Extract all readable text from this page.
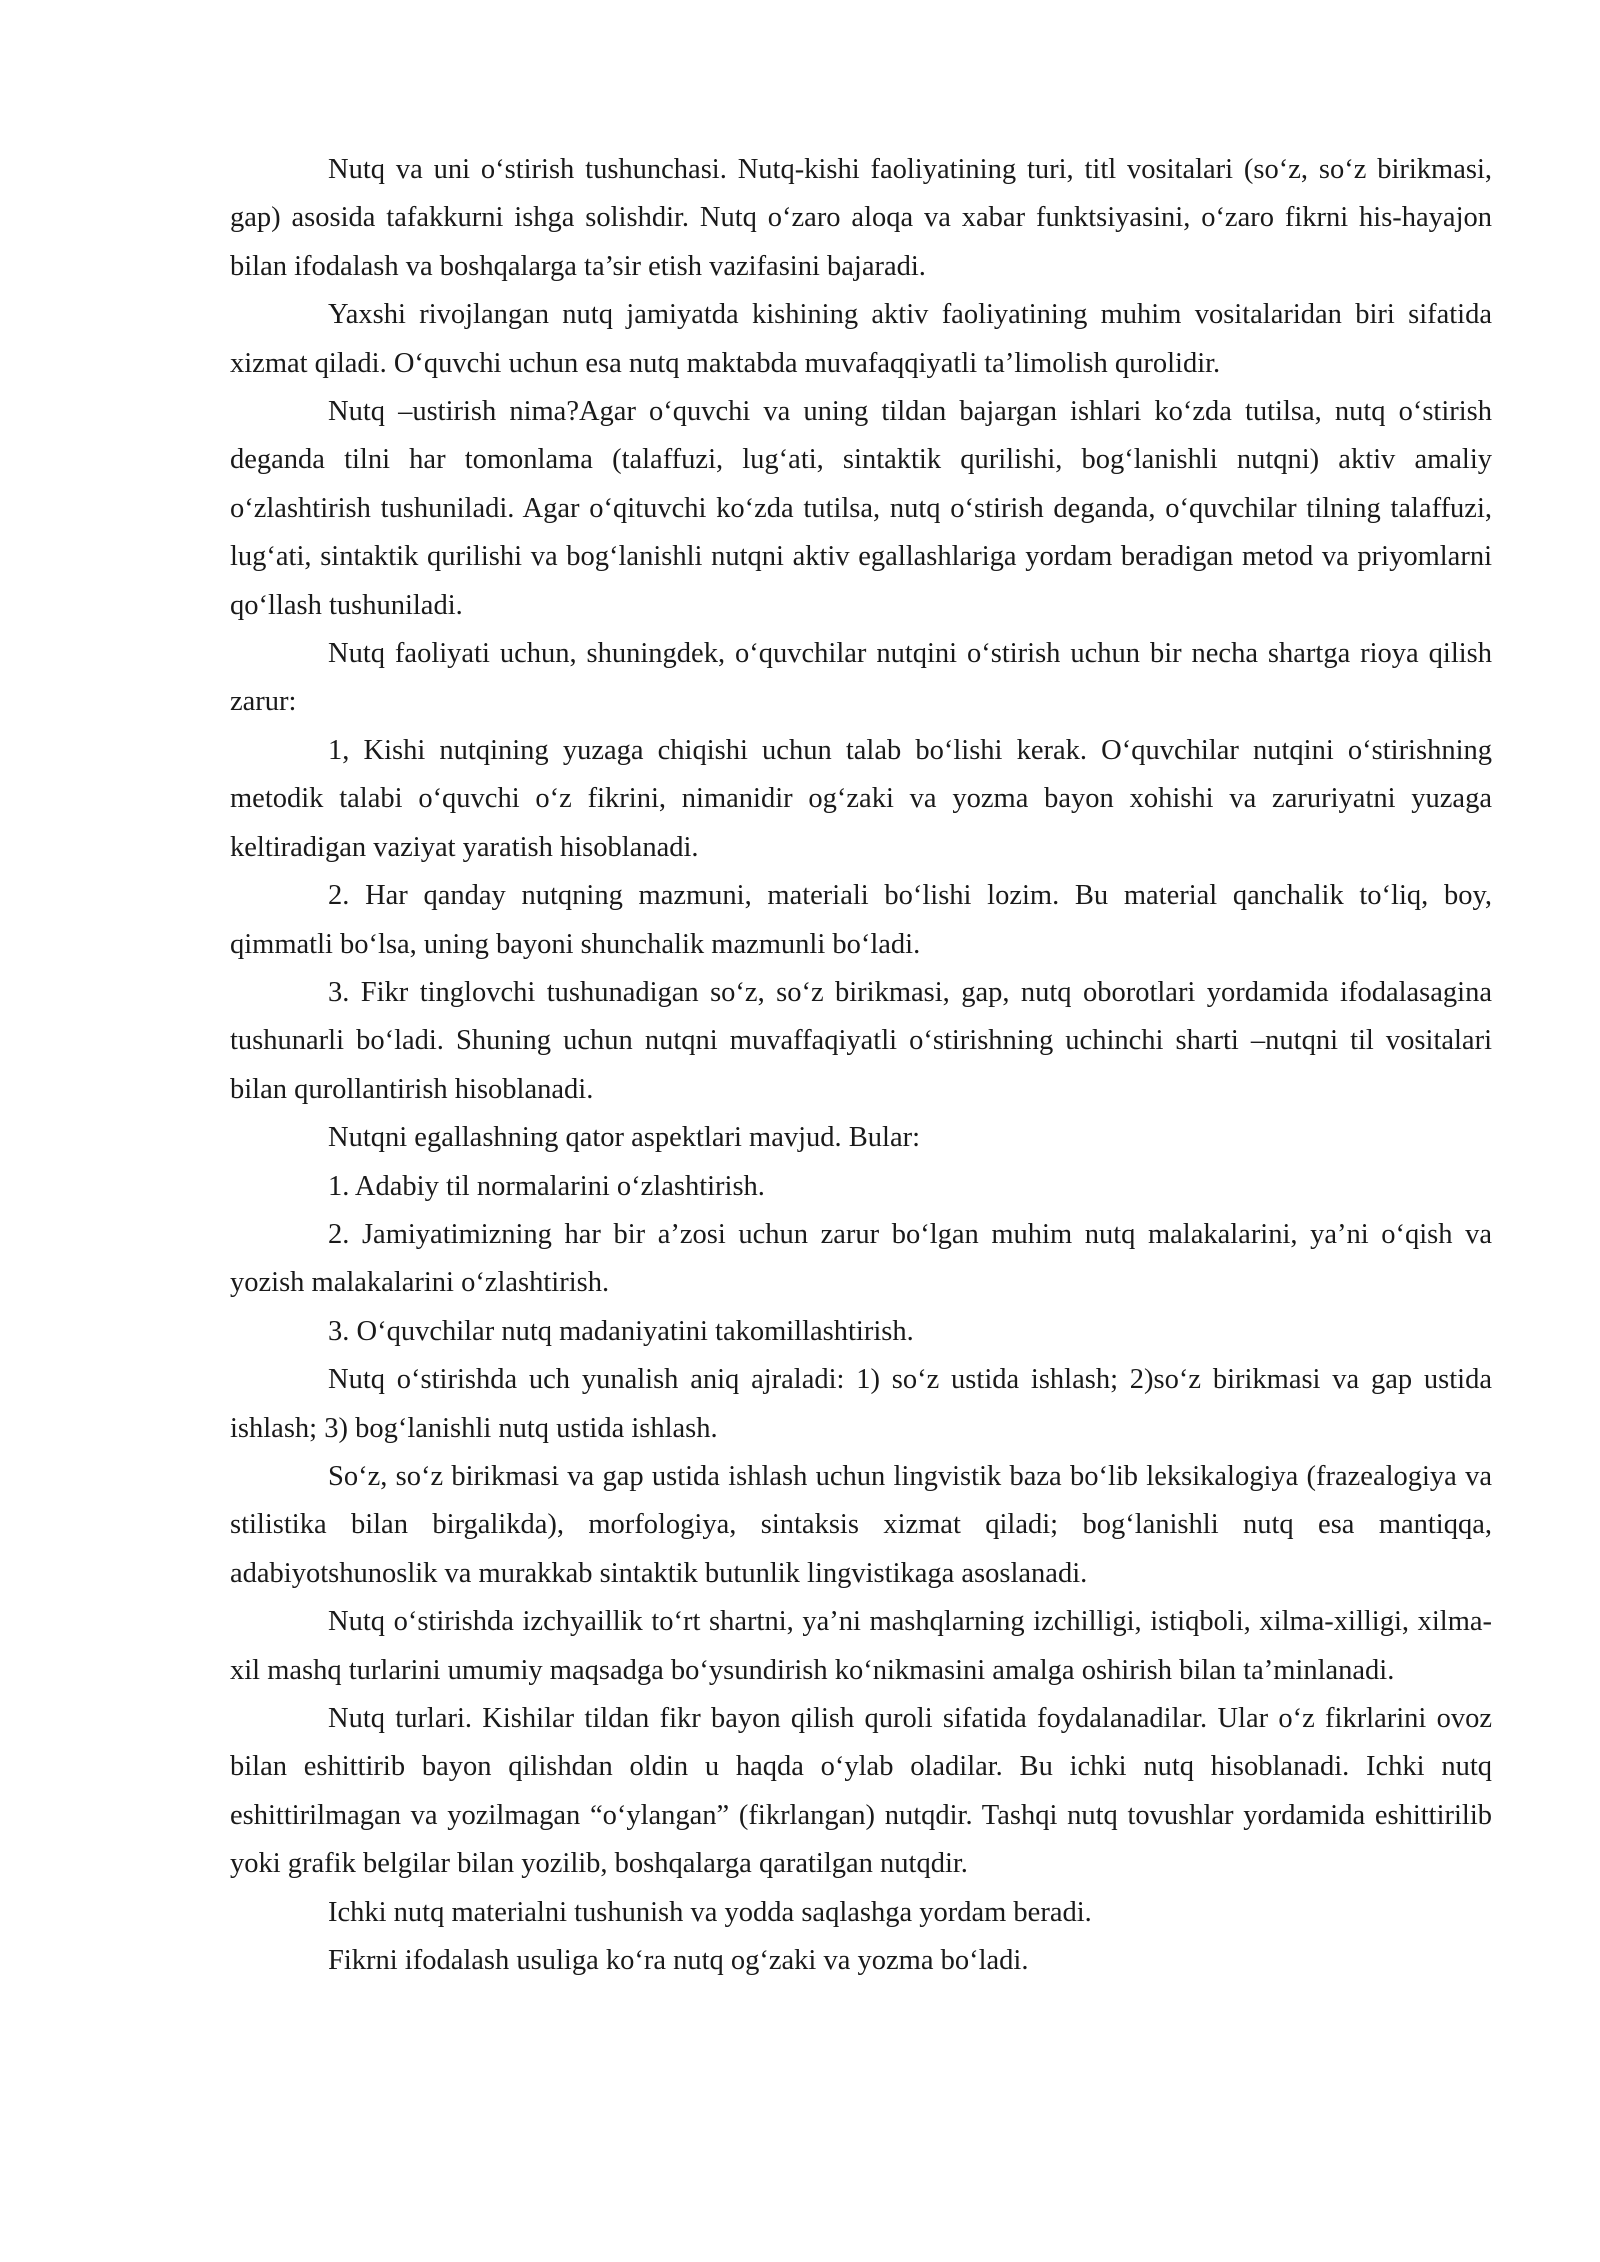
Nutq va uni o‘stirish tushunchasi. Nutq-kishi faoliyatining turi, titl vositalari (so‘z, so‘z birikmasi, gap) asosida tafakkurni ishga solishdir. Nutq o‘zaro aloqa va xabar funktsiyasini, o‘zaro fikrni his-hayajon bilan ifodalash va boshqalarga ta’sir etish vazifasini bajaradi.

Yaxshi rivojlangan nutq jamiyatda kishining aktiv faoliyatining muhim vositalaridan biri sifatida xizmat qiladi. O‘quvchi uchun esa nutq maktabda muvafaqqiyatli ta’limolish qurolidir.

Nutq –ustirish nima?Agar o‘quvchi va uning tildan bajargan ishlari ko‘zda tutilsa, nutq o‘stirish deganda tilni har tomonlama (talaffuzi, lug‘ati, sintaktik qurilishi, bog‘lanishli nutqni) aktiv amaliy o‘zlashtirish tushuniladi. Agar o‘qituvchi ko‘zda tutilsa, nutq o‘stirish deganda, o‘quvchilar tilning talaffuzi, lug‘ati, sintaktik qurilishi va bog‘lanishli nutqni aktiv egallashlariga yordam beradigan metod va priyomlarni qo‘llash tushuniladi.

Nutq faoliyati uchun, shuningdek, o‘quvchilar nutqini o‘stirish uchun bir necha shartga rioya qilish zarur:

1, Kishi nutqining yuzaga chiqishi uchun talab bo‘lishi kerak. O‘quvchilar nutqini o‘stirishning metodik talabi o‘quvchi o‘z fikrini, nimanidir og‘zaki va yozma bayon xohishi va zaruriyatni yuzaga keltiradigan vaziyat yaratish hisoblanadi.

2. Har qanday nutqning mazmuni, materiali bo‘lishi lozim. Bu material qanchalik to‘liq, boy, qimmatli bo‘lsa, uning bayoni shunchalik mazmunli bo‘ladi.

3. Fikr tinglovchi tushunadigan so‘z, so‘z birikmasi, gap, nutq oborotlari yordamida ifodalasagina tushunarli bo‘ladi. Shuning uchun nutqni muvaffaqiyatli o‘stirishning uchinchi sharti –nutqni til vositalari bilan qurollantirish hisoblanadi.

Nutqni egallashning qator aspektlari mavjud. Bular:

1. Adabiy til normalarini o‘zlashtirish.

2. Jamiyatimizning har bir a’zosi uchun zarur bo‘lgan muhim nutq malakalarini, ya’ni o‘qish va yozish malakalarini o‘zlashtirish.

3. O‘quvchilar nutq madaniyatini takomillashtirish.

Nutq o‘stirishda uch yunalish aniq ajraladi: 1) so‘z ustida ishlash; 2)so‘z birikmasi va gap ustida ishlash; 3) bog‘lanishli nutq ustida ishlash.

So‘z, so‘z birikmasi va gap ustida ishlash uchun lingvistik baza bo‘lib leksikalogiya (frazealogiya va stilistika bilan birgalikda), morfologiya, sintaksis xizmat qiladi; bog‘lanishli nutq esa mantiqqa, adabiyotshunoslik va murakkab sintaktik butunlik lingvistikaga asoslanadi.

Nutq o‘stirishda izchyaillik to‘rt shartni, ya’ni mashqlarning izchilligi, istiqboli, xilma-xilligi, xilma-xil mashq turlarini umumiy maqsadga bo‘ysundirish ko‘nikmasini amalga oshirish bilan ta’minlanadi.

Nutq turlari. Kishilar tildan fikr bayon qilish quroli sifatida foydalanadilar. Ular o‘z fikrlarini ovoz bilan eshittirib bayon qilishdan oldin u haqda o‘ylab oladilar. Bu ichki nutq hisoblanadi. Ichki nutq eshittirilmagan va yozilmagan “o‘ylangan” (fikrlangan) nutqdir. Tashqi nutq tovushlar yordamida eshittirilib yoki grafik belgilar bilan yozilib, boshqalarga qaratilgan nutqdir.

Ichki nutq materialni tushunish va yodda saqlashga yordam beradi.

Fikrni ifodalash usuliga ko‘ra nutq og‘zaki va yozma bo‘ladi.
